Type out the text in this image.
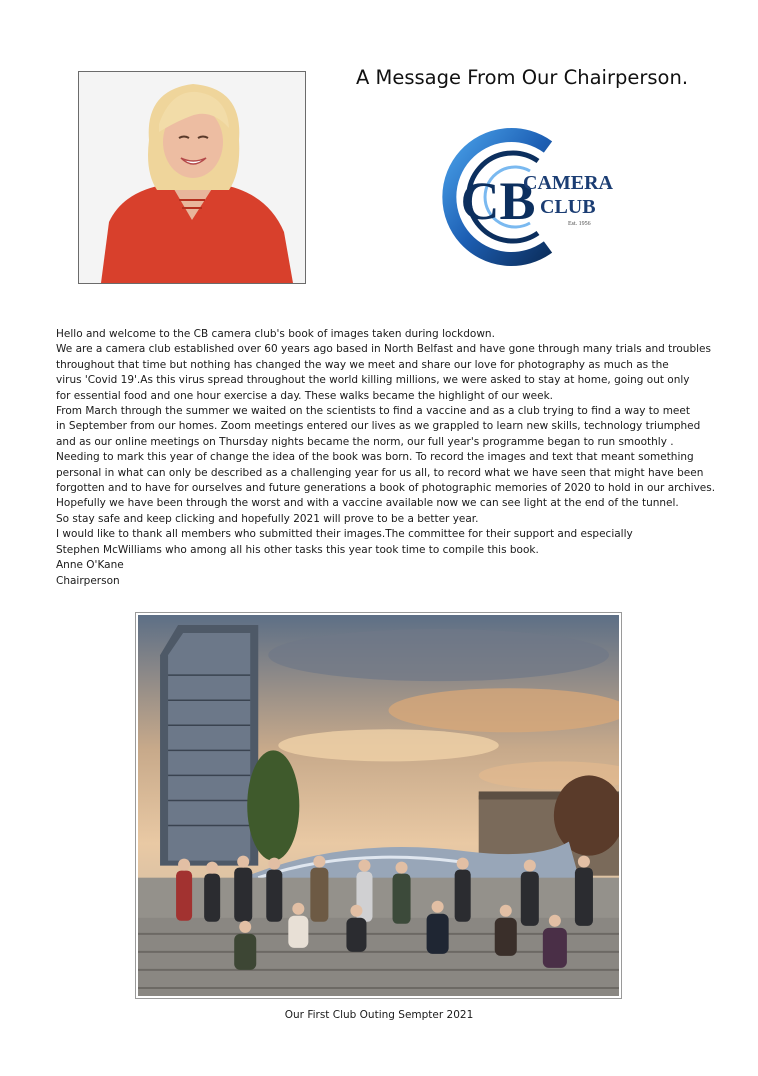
A Message From Our Chairperson.
CB
CAMERA
CLUB
Est. 1956
Hello and welcome to the CB camera club's book of images taken during lockdown.
We are a camera club established over 60 years ago based in North Belfast and have gone through many trials and troubles
throughout that time but nothing has changed the way we meet and share our love for photography as much as the
virus 'Covid 19'.As this virus spread throughout the world killing millions, we were asked to stay at home, going out only
for essential food and one hour exercise a day. These walks became the highlight of our week.
From March through the summer we waited on the scientists to find a vaccine and as a club trying to find a way to meet
in September from our homes. Zoom meetings entered our lives as we grappled to learn new skills, technology triumphed
and as our online meetings on Thursday nights became the norm, our full year's programme began to run smoothly .
Needing to mark this year of change the idea of the book was born. To record the images and text that meant something
personal in what can only be described as a challenging year for us all, to record what we have seen that might have been
forgotten and to have for ourselves and future generations a book of photographic memories of 2020 to hold in our archives.
Hopefully we have been through the worst and with a vaccine available now we can see light at the end of the tunnel.
So stay safe and keep clicking and hopefully 2021 will prove to be a better year.
I would like to thank all members who submitted their images.The committee for their support and especially
Stephen McWilliams who among all his other tasks this year took time to compile this book.
Anne O'Kane
Chairperson
Our First Club Outing Sempter 2021
